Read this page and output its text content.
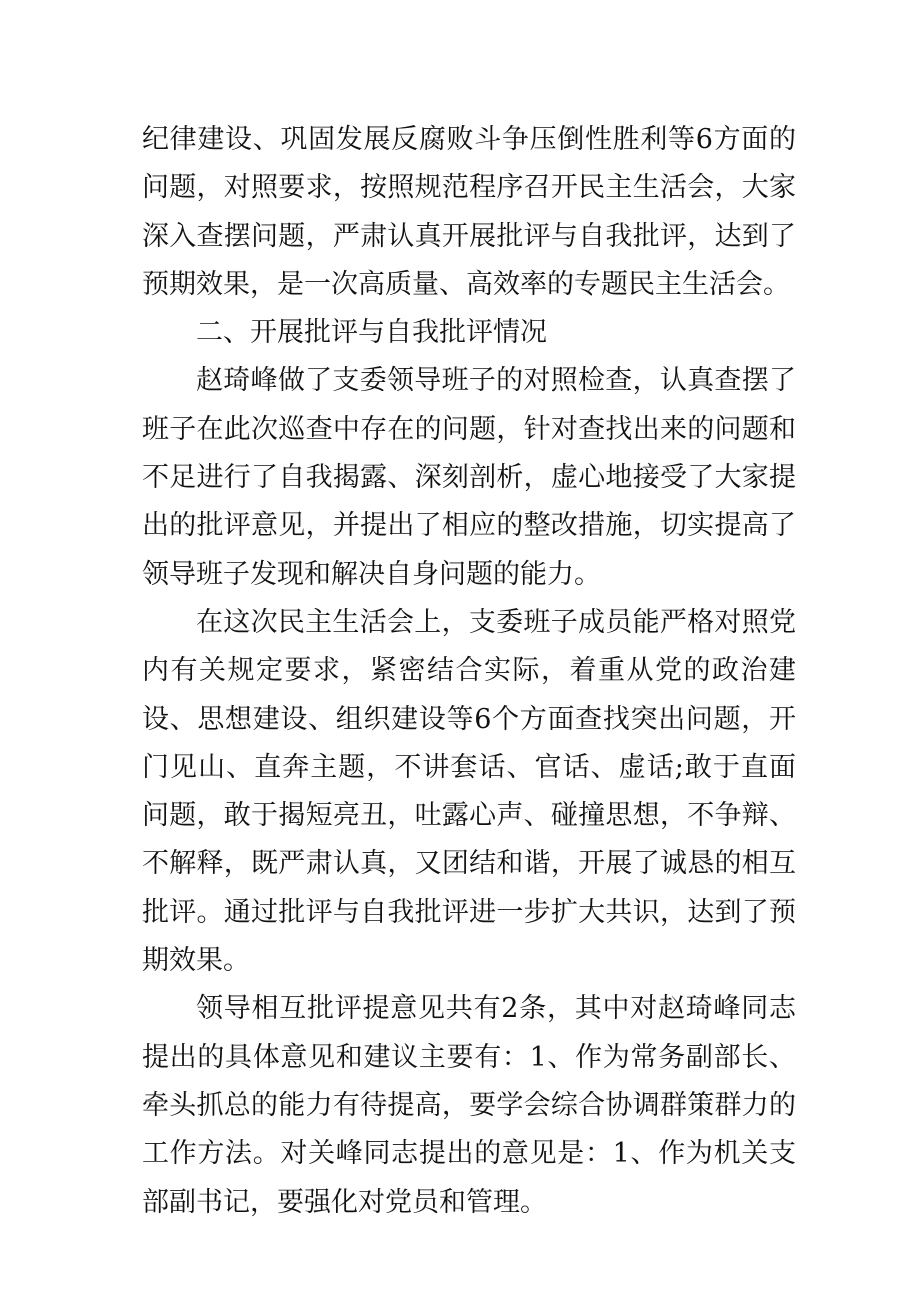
纪律建设、巩固发展反腐败斗争压倒性胜利等6方面的问题，对照要求，按照规范程序召开民主生活会，大家深入查摆问题，严肃认真开展批评与自我批评，达到了预期效果，是一次高质量、高效率的专题民主生活会。

二、开展批评与自我批评情况

赵琦峰做了支委领导班子的对照检查，认真查摆了班子在此次巡查中存在的问题，针对查找出来的问题和不足进行了自我揭露、深刻剖析，虚心地接受了大家提出的批评意见，并提出了相应的整改措施，切实提高了领导班子发现和解决自身问题的能力。

在这次民主生活会上，支委班子成员能严格对照党内有关规定要求，紧密结合实际，着重从党的政治建设、思想建设、组织建设等6个方面查找突出问题，开门见山、直奔主题，不讲套话、官话、虚话;敢于直面问题，敢于揭短亮丑，吐露心声、碰撞思想，不争辩、不解释，既严肃认真，又团结和谐，开展了诚恳的相互批评。通过批评与自我批评进一步扩大共识，达到了预期效果。

领导相互批评提意见共有2条，其中对赵琦峰同志提出的具体意见和建议主要有：1、作为常务副部长、牵头抓总的能力有待提高，要学会综合协调群策群力的工作方法。对关峰同志提出的意见是：1、作为机关支部副书记，要强化对党员和管理。
